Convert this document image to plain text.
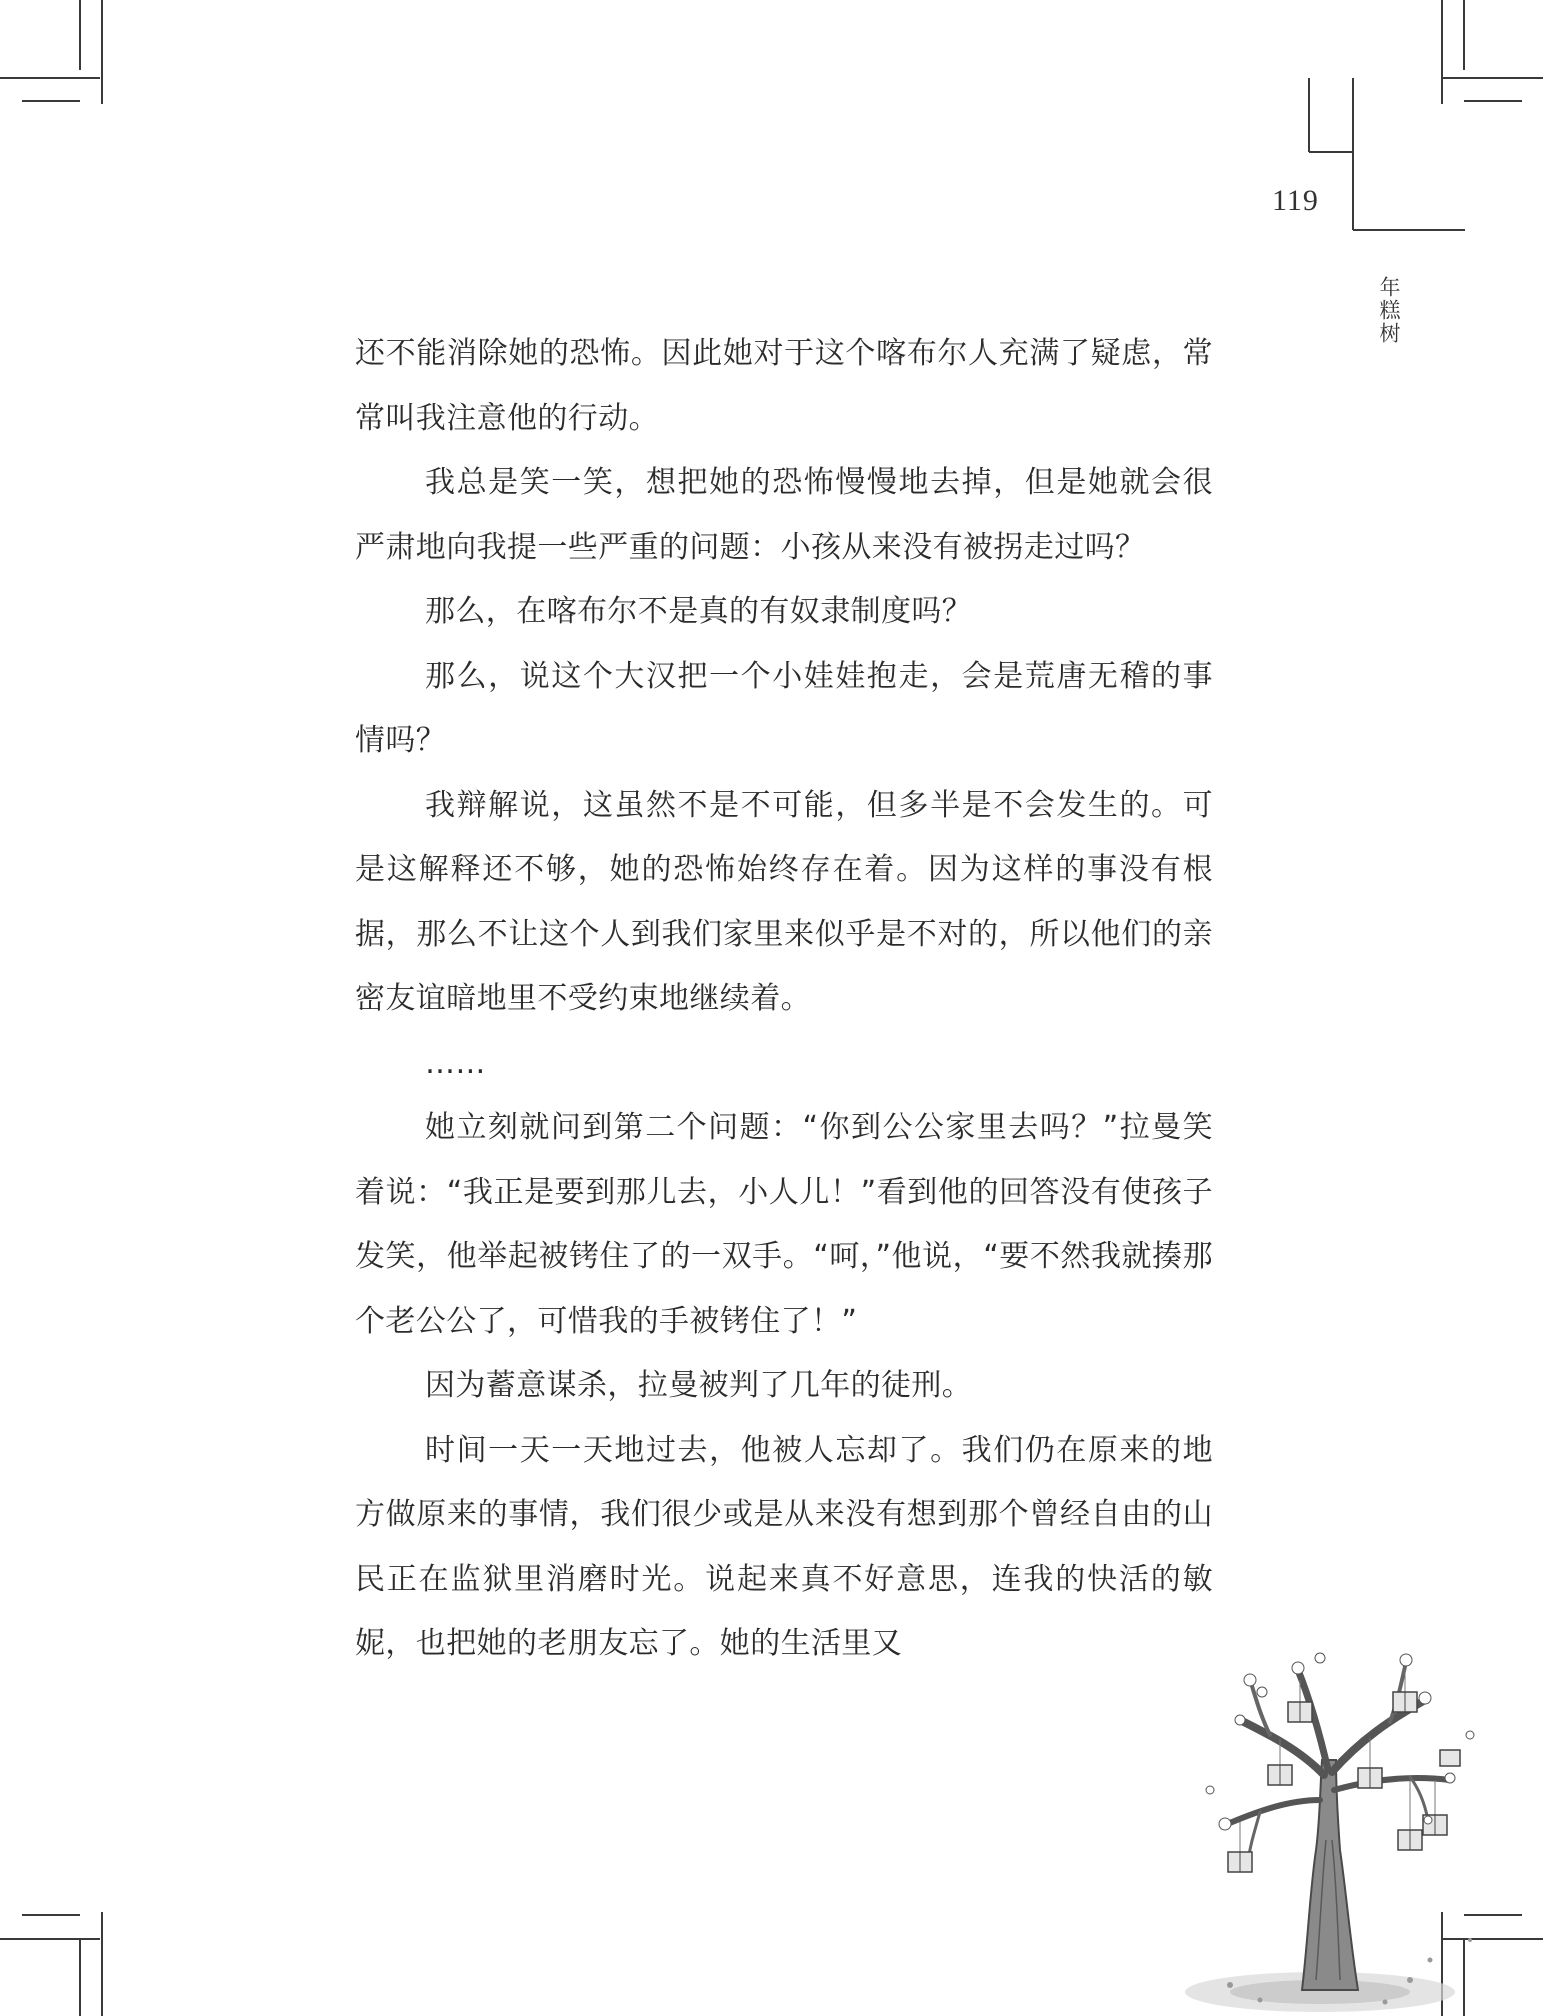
119
年糕树

还不能消除她的恐怖。因此她对于这个喀布尔人充满了疑虑，常常叫我注意他的行动。

我总是笑一笑，想把她的恐怖慢慢地去掉，但是她就会很严肃地向我提一些严重的问题：小孩从来没有被拐走过吗？

那么，在喀布尔不是真的有奴隶制度吗？

那么，说这个大汉把一个小娃娃抱走，会是荒唐无稽的事情吗？

我辩解说，这虽然不是不可能，但多半是不会发生的。可是这解释还不够，她的恐怖始终存在着。因为这样的事没有根据，那么不让这个人到我们家里来似乎是不对的，所以他们的亲密友谊暗地里不受约束地继续着。

……

她立刻就问到第二个问题：“你到公公家里去吗？”拉曼笑着说：“我正是要到那儿去，小人儿！”看到他的回答没有使孩子发笑，他举起被铐住了的一双手。“呵，”他说，“要不然我就揍那个老公公了，可惜我的手被铐住了！”

因为蓄意谋杀，拉曼被判了几年的徒刑。

时间一天一天地过去，他被人忘却了。我们仍在原来的地方做原来的事情，我们很少或是从来没有想到那个曾经自由的山民正在监狱里消磨时光。说起来真不好意思，连我的快活的敏妮，也把她的老朋友忘了。她的生活里又
